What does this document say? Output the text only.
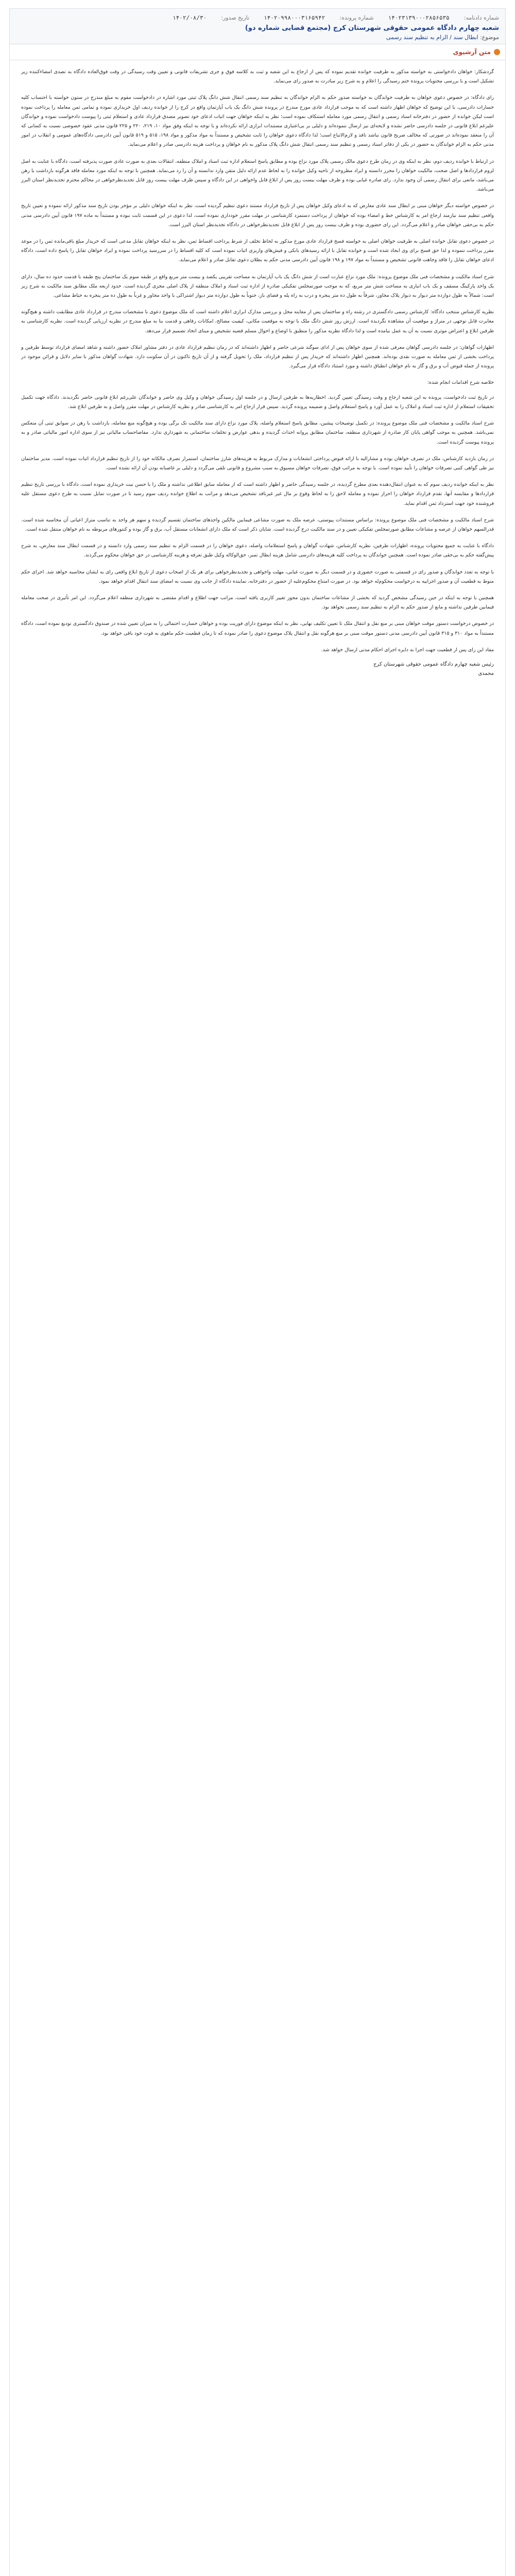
شماره دادنامه:
۱۴۰۲۳۱۳۹۰۰۰۲۸۵۶۵۳۵
شماره پرونده:
۱۴۰۲۰۹۹۸۰۰۰۳۱۶۵۹۴۲
تاریخ صدور:
۱۴۰۲/۰۸/۳۰
شعبه چهارم دادگاه عمومی حقوقی شهرستان کرج (مجتمع قضایی شماره دو)
موضوع: ابطال سند / الزام به تنظیم سند رسمی
متن آرشیوی

گردشکار: خواهان دادخواستی به خواسته مذکور به طرفیت خوانده تقدیم نموده که پس از ارجاع به این شعبه و ثبت به کلاسه فوق و جری تشریفات قانونی و تعیین وقت رسیدگی در وقت فوق‌العاده دادگاه به تصدی امضاءکننده زیر تشکیل است و با بررسی محتویات پرونده ختم رسیدگی را اعلام و به شرح زیر مبادرت به صدور رای می‌نماید.

رای دادگاه: در خصوص دعوی خواهان به طرفیت خواندگان به خواسته صدور حکم به الزام خواندگان به تنظیم سند رسمی انتقال شش دانگ پلاک ثبتی مورد اشاره در دادخواست مقوم به مبلغ مندرج در ستون خواسته با احتساب کلیه خسارات دادرسی، با این توضیح که خواهان اظهار داشته است که به موجب قرارداد عادی مورخ مندرج در پرونده شش دانگ یک باب آپارتمان واقع در کرج را از خوانده ردیف اول خریداری نموده و تمامی ثمن معامله را پرداخت نموده است لیکن خوانده از حضور در دفترخانه اسناد رسمی و انتقال رسمی مورد معامله استنکاف نموده است؛ نظر به اینکه خواهان جهت اثبات ادعای خود تصویر مصدق قرارداد عادی و استعلام ثبتی را پیوست دادخواست نموده و خواندگان علیرغم ابلاغ قانونی در جلسه دادرسی حاضر نشده و لایحه‌ای نیز ارسال ننموده‌اند و دلیلی بر بی‌اعتباری مستندات ابرازی ارائه نکرده‌اند و با توجه به اینکه وفق مواد ۱۰، ۲۱۹، ۲۲۰ و ۲۲۵ قانون مدنی عقود خصوصی نسبت به کسانی که آن را منعقد نموده‌اند در صورتی که مخالف صریح قانون نباشد نافذ و لازم‌الاتباع است؛ لذا دادگاه دعوی خواهان را ثابت تشخیص و مستنداً به مواد مذکور و مواد ۱۹۸، ۵۱۵ و ۵۱۹ قانون آیین دادرسی دادگاه‌های عمومی و انقلاب در امور مدنی حکم به الزام خواندگان به حضور در یکی از دفاتر اسناد رسمی و تنظیم سند رسمی انتقال شش دانگ پلاک مذکور به نام خواهان و پرداخت هزینه دادرسی صادر و اعلام می‌نماید.

در ارتباط با خوانده ردیف دوم، نظر به اینکه وی در زمان طرح دعوی مالک رسمی پلاک مورد نزاع بوده و مطابق پاسخ استعلام اداره ثبت اسناد و املاک منطقه، انتقالات بعدی به صورت عادی صورت پذیرفته است، دادگاه با عنایت به اصل لزوم قراردادها و اصل صحت، مالکیت خواهان را محرز دانسته و ایراد مطروحه از ناحیه وکیل خوانده را به لحاظ عدم ارائه دلیل متقن وارد ندانسته و آن را رد می‌نماید. همچنین با توجه به اینکه مورد معامله فاقد هرگونه بازداشت یا رهن می‌باشد، مانعی برای انتقال رسمی آن وجود ندارد. رای صادره غیابی بوده و ظرف مهلت بیست روز پس از ابلاغ قابل واخواهی در این دادگاه و سپس ظرف مهلت بیست روز قابل تجدیدنظرخواهی در محاکم محترم تجدیدنظر استان البرز می‌باشد.

در خصوص خواسته دیگر خواهان مبنی بر ابطال سند عادی معارض که به ادعای وکیل خواهان پس از تاریخ قرارداد مستند دعوی تنظیم گردیده است، نظر به اینکه خواهان دلیلی بر مؤخر بودن تاریخ سند مذکور ارائه ننموده و تعیین تاریخ واقعی تنظیم سند نیازمند ارجاع امر به کارشناس خط و امضاء بوده که خواهان از پرداخت دستمزد کارشناسی در مهلت مقرر خودداری نموده است، لذا دعوی در این قسمت ثابت نبوده و مستنداً به ماده ۱۹۷ قانون آیین دادرسی مدنی حکم به بی‌حقی خواهان صادر و اعلام می‌گردد. این رای حضوری بوده و ظرف بیست روز پس از ابلاغ قابل تجدیدنظرخواهی در دادگاه تجدیدنظر استان البرز است.

در خصوص دعوی تقابل خوانده اصلی به طرفیت خواهان اصلی به خواسته فسخ قرارداد عادی مورخ مذکور به لحاظ تخلف از شرط پرداخت اقساط ثمن، نظر به اینکه خواهان تقابل مدعی است که خریدار مبلغ باقی‌مانده ثمن را در موعد مقرر پرداخت ننموده و لذا حق فسخ برای وی ایجاد شده است و خوانده تقابل با ارائه رسیدهای بانکی و فیش‌های واریزی اثبات نموده است که کلیه اقساط را در سررسید پرداخت نموده و ایراد خواهان تقابل را پاسخ داده است، دادگاه ادعای خواهان تقابل را فاقد وجاهت قانونی تشخیص و مستنداً به مواد ۱۹۷ و ۱۹۸ قانون آیین دادرسی مدنی حکم به بطلان دعوی تقابل صادر و اعلام می‌نماید.

شرح اسناد مالکیت و مشخصات فنی ملک موضوع پرونده: ملک مورد نزاع عبارت است از شش دانگ یک باب آپارتمان به مساحت تقریبی یکصد و بیست متر مربع واقع در طبقه سوم یک ساختمان پنج طبقه با قدمت حدود ده سال، دارای یک واحد پارکینگ مسقف و یک باب انباری به مساحت شش متر مربع، که به موجب صورتمجلس تفکیکی صادره از اداره ثبت اسناد و املاک منطقه از پلاک اصلی مجزی گردیده است. حدود اربعه ملک مطابق سند مالکیت به شرح زیر است: شمالاً به طول دوازده متر دیوار به دیوار پلاک مجاور، شرقاً به طول ده متر پنجره و درب به راه پله و فضای باز، جنوباً به طول دوازده متر دیوار اشتراکی با واحد مجاور و غرباً به طول ده متر پنجره به حیاط مشاعی.

نظریه کارشناس منتخب دادگاه: کارشناس رسمی دادگستری در رشته راه و ساختمان پس از معاینه محل و بررسی مدارک ابرازی اعلام داشته است که ملک موضوع دعوی با مشخصات مندرج در قرارداد عادی مطابقت داشته و هیچ‌گونه مغایرت قابل توجهی در متراژ و موقعیت آن مشاهده نگردیده است. ارزش روز شش دانگ ملک با توجه به موقعیت مکانی، کیفیت مصالح، امکانات رفاهی و قدمت بنا به مبلغ مندرج در نظریه ارزیابی گردیده است. نظریه کارشناسی به طرفین ابلاغ و اعتراض موثری نسبت به آن به عمل نیامده است و لذا دادگاه نظریه مذکور را منطبق با اوضاع و احوال مسلم قضیه تشخیص و مبنای اتخاذ تصمیم قرار می‌دهد.

اظهارات گواهان: در جلسه دادرسی گواهان معرفی شده از سوی خواهان پس از ادای سوگند شرعی حاضر و اظهار داشته‌اند که در زمان تنظیم قرارداد عادی در دفتر مشاور املاک حضور داشته و شاهد امضای قرارداد توسط طرفین و پرداخت بخشی از ثمن معامله به صورت نقدی بوده‌اند. همچنین اظهار داشته‌اند که خریدار پس از تنظیم قرارداد، ملک را تحویل گرفته و از آن تاریخ تاکنون در آن سکونت دارد. شهادت گواهان مذکور با سایر دلایل و قرائن موجود در پرونده از جمله قبوض آب و برق و گاز به نام خواهان انطباق داشته و مورد استناد دادگاه قرار می‌گیرد.

خلاصه شرح اقدامات انجام شده:

در تاریخ ثبت دادخواست، پرونده به این شعبه ارجاع و وقت رسیدگی تعیین گردید. اخطاریه‌ها به طرفین ارسال و در جلسه اول رسیدگی خواهان و وکیل وی حاضر و خواندگان علی‌رغم ابلاغ قانونی حاضر نگردیدند. دادگاه جهت تکمیل تحقیقات استعلام از اداره ثبت اسناد و املاک را به عمل آورد و پاسخ استعلام واصل و ضمیمه پرونده گردید. سپس قرار ارجاع امر به کارشناسی صادر و نظریه کارشناس در مهلت مقرر واصل و به طرفین ابلاغ شد.

شرح اسناد مالکیت و مشخصات فنی ملک موضوع پرونده: در تکمیل توضیحات پیشین، مطابق پاسخ استعلام واصله، پلاک مورد نزاع دارای سند مالکیت تک برگی بوده و هیچ‌گونه منع معامله، بازداشت یا رهن در سوابق ثبتی آن منعکس نمی‌باشد. همچنین به موجب گواهی پایان کار صادره از شهرداری منطقه، ساختمان مطابق پروانه احداث گردیده و بدهی عوارض و تخلفات ساختمانی به شهرداری ندارد. مفاصاحساب مالیاتی نیز از سوی اداره امور مالیاتی صادر و به پرونده پیوست گردیده است.

در زمان بازدید کارشناس، ملک در تصرف خواهان بوده و مشارالیه با ارائه قبوض پرداختی انشعابات و مدارک مربوط به هزینه‌های شارژ ساختمان، استمرار تصرف مالکانه خود را از تاریخ تنظیم قرارداد اثبات نموده است. مدیر ساختمان نیز طی گواهی کتبی تصرفات خواهان را تأیید نموده است. با توجه به مراتب فوق، تصرفات خواهان مسبوق به سبب مشروع و قانونی تلقی می‌گردد و دلیلی بر غاصبانه بودن آن ارائه نشده است.

نظر به اینکه خوانده ردیف سوم که به عنوان انتقال‌دهنده بعدی مطرح گردیده، در جلسه رسیدگی حاضر و اظهار داشته است که از معامله سابق اطلاعی نداشته و ملک را با حسن نیت خریداری نموده است، دادگاه با بررسی تاریخ تنظیم قراردادها و مقایسه آنها، تقدم قرارداد خواهان را احراز نموده و معامله لاحق را به لحاظ وقوع بر مال غیر غیرنافذ تشخیص می‌دهد و مراتب به اطلاع خوانده ردیف سوم رسید تا در صورت تمایل نسبت به طرح دعوی مستقل علیه فروشنده خود جهت استرداد ثمن اقدام نماید.

شرح اسناد مالکیت و مشخصات فنی ملک موضوع پرونده: براساس مستندات پیوستی، عرصه ملک به صورت مشاعی فیمابین مالکین واحدهای ساختمان تقسیم گردیده و سهم هر واحد به تناسب متراژ اعیانی آن محاسبه شده است. قدرالسهم خواهان از عرصه و مشاعات مطابق صورتمجلس تفکیکی تعیین و در سند مالکیت درج گردیده است. شایان ذکر است که ملک دارای انشعابات مستقل آب، برق و گاز بوده و کنتورهای مربوطه به نام خواهان منتقل شده است.

دادگاه با عنایت به جمیع محتویات پرونده، اظهارات طرفین، نظریه کارشناس، شهادت گواهان و پاسخ استعلامات واصله، دعوی خواهان را در قسمت الزام به تنظیم سند رسمی وارد دانسته و در قسمت ابطال سند معارض، به شرح پیش‌گفته حکم به بی‌حقی صادر نموده است. همچنین خواندگان به پرداخت کلیه هزینه‌های دادرسی شامل هزینه ابطال تمبر، حق‌الوکاله وکیل طبق تعرفه و هزینه کارشناسی در حق خواهان محکوم می‌گردند.

با توجه به تعدد خواندگان و صدور رای در قسمتی به صورت حضوری و در قسمت دیگر به صورت غیابی، مهلت واخواهی و تجدیدنظرخواهی برای هر یک از اصحاب دعوی از تاریخ ابلاغ واقعی رای به ایشان محاسبه خواهد شد. اجرای حکم منوط به قطعیت آن و صدور اجراییه به درخواست محکوم‌له خواهد بود. در صورت امتناع محکوم‌علیه از حضور در دفترخانه، نماینده دادگاه از جانب وی نسبت به امضای سند انتقال اقدام خواهد نمود.

همچنین با توجه به اینکه در حین رسیدگی مشخص گردید که بخشی از مشاعات ساختمان بدون مجوز تغییر کاربری یافته است، مراتب جهت اطلاع و اقدام مقتضی به شهرداری منطقه اعلام می‌گردد. این امر تأثیری در صحت معامله فیمابین طرفین نداشته و مانع از صدور حکم به الزام به تنظیم سند رسمی نخواهد بود.

در خصوص درخواست دستور موقت خواهان مبنی بر منع نقل و انتقال ملک تا تعیین تکلیف نهایی، نظر به اینکه موضوع دارای فوریت بوده و خواهان خسارت احتمالی را به میزان تعیین شده در صندوق دادگستری تودیع نموده است، دادگاه مستنداً به مواد ۳۱۰ و ۳۱۵ قانون آیین دادرسی مدنی دستور موقت مبنی بر منع هرگونه نقل و انتقال پلاک موضوع دعوی را صادر نموده که تا زمان قطعیت حکم ماهوی به قوت خود باقی خواهد بود.

مفاد این رای پس از قطعیت جهت اجرا به دایره اجرای احکام مدنی ارسال خواهد شد.

رئیس شعبه چهارم دادگاه عمومی حقوقی شهرستان کرج
محمدی
